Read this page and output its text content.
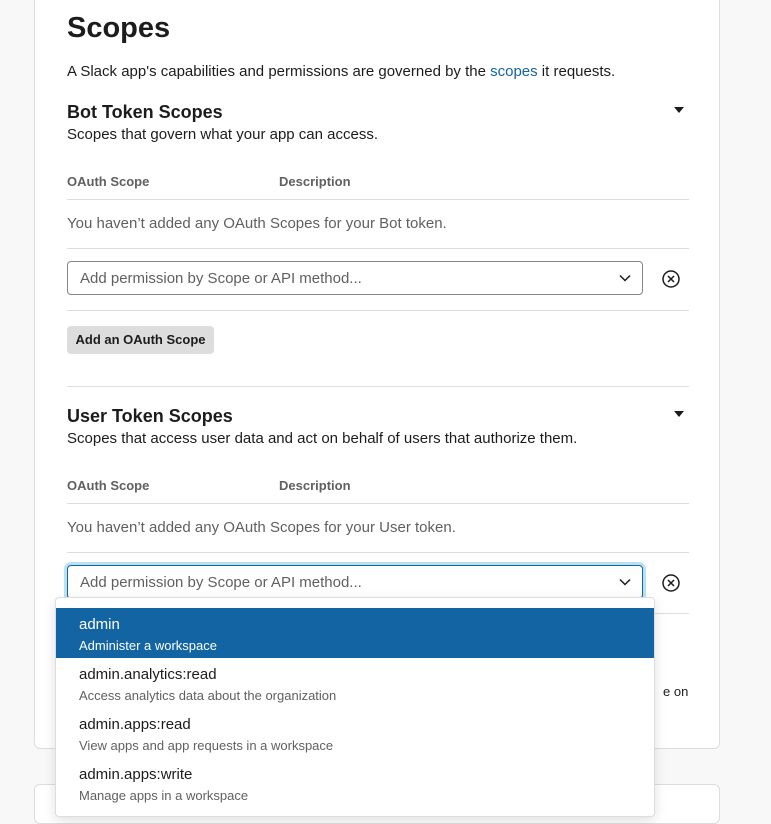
Scopes
A Slack app's capabilities and permissions are governed by the scopes it requests.
Bot Token Scopes
Scopes that govern what your app can access.
OAuth Scope	Description
You haven’t added any OAuth Scopes for your Bot token.
Add permission by Scope or API method...
Add an OAuth Scope
User Token Scopes
Scopes that access user data and act on behalf of users that authorize them.
OAuth Scope	Description
You haven’t added any OAuth Scopes for your User token.
Add permission by Scope or API method...
e on
admin
Administer a workspace
admin.analytics:read
Access analytics data about the organization
admin.apps:read
View apps and app requests in a workspace
admin.apps:write
Manage apps in a workspace
